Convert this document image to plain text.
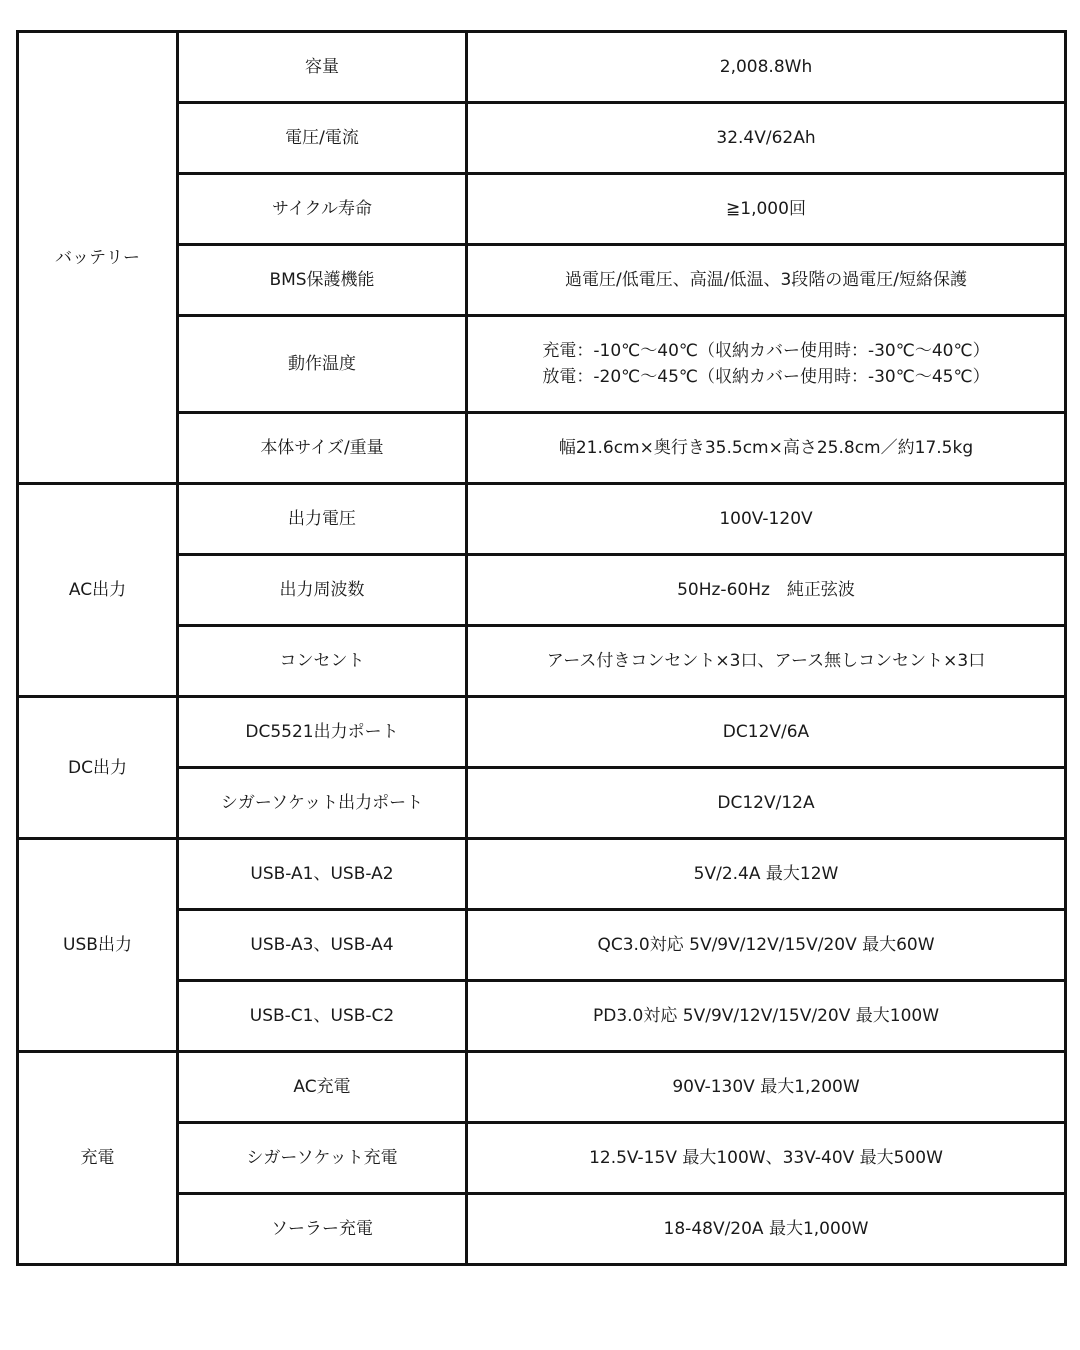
バッテリー	容量	2,008.8Wh

	電圧/電流	32.4V/62Ah

	サイクル寿命	≧1,000回

	BMS保護機能	過電圧/低電圧、高温/低温、3段階の過電圧/短絡保護

	動作温度	充電：-10℃～40℃（収納カバー使用時：-30℃～40℃）
放電：-20℃～45℃（収納カバー使用時：-30℃～45℃）

	本体サイズ/重量	幅21.6cm×奥行き35.5cm×高さ25.8cm／約17.5kg

AC出力	出力電圧	100V-120V

	出力周波数	50Hz-60Hz　純正弦波

	コンセント	アース付きコンセント×3口、アース無しコンセント×3口

DC出力	DC5521出力ポート	DC12V/6A

	シガーソケット出力ポート	DC12V/12A

USB出力	USB-A1、USB-A2	5V/2.4A 最大12W

	USB-A3、USB-A4	QC3.0対応 5V/9V/12V/15V/20V 最大60W

	USB-C1、USB-C2	PD3.0対応 5V/9V/12V/15V/20V 最大100W

充電	AC充電	90V-130V 最大1,200W

	シガーソケット充電	12.5V-15V 最大100W、33V-40V 最大500W

	ソーラー充電	18-48V/20A 最大1,000W
